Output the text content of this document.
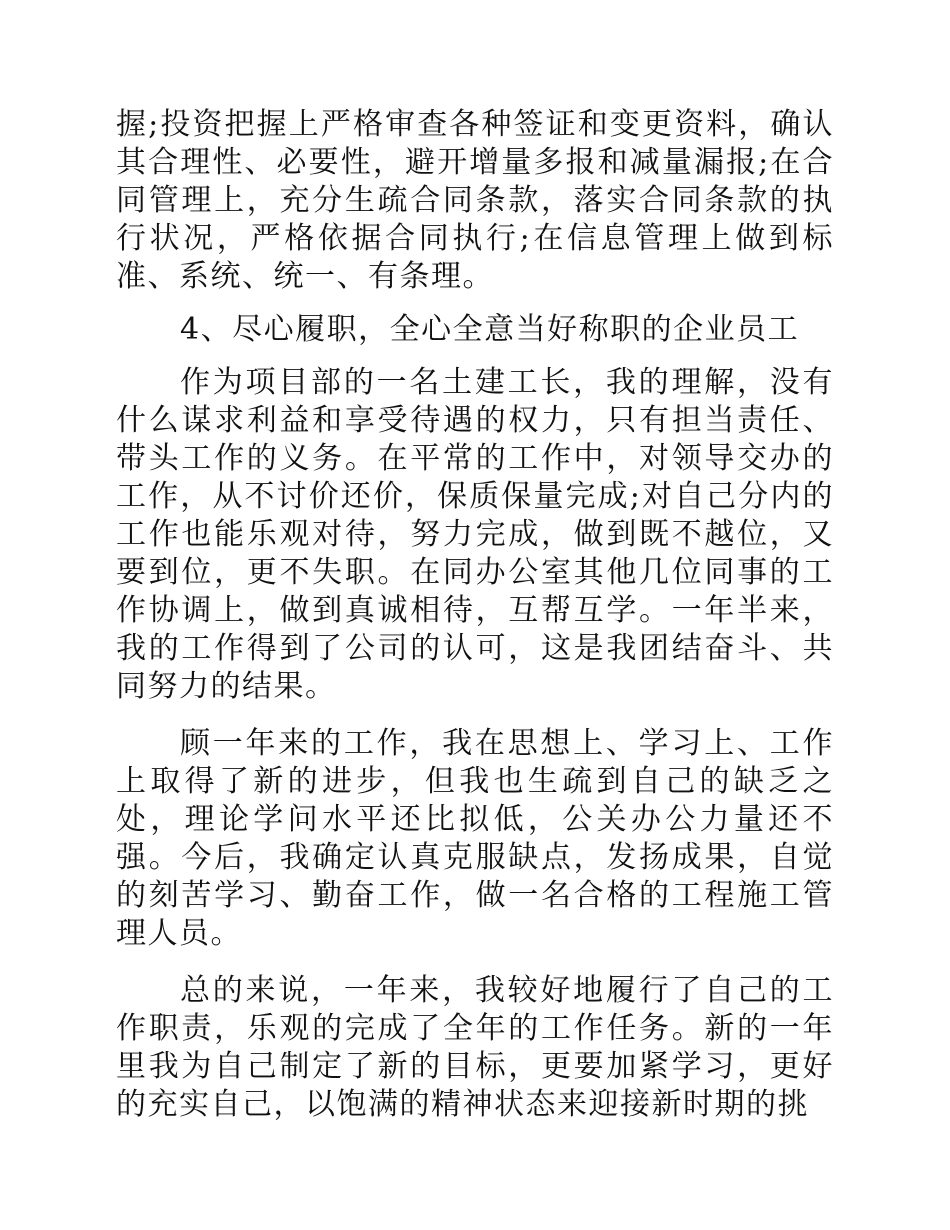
握;投资把握上严格审查各种签证和变更资料，确认其合理性、必要性，避开增量多报和减量漏报;在合同管理上，充分生疏合同条款，落实合同条款的执行状况，严格依据合同执行;在信息管理上做到标准、系统、统一、有条理。

4、尽心履职，全心全意当好称职的企业员工

作为项目部的一名土建工长，我的理解，没有什么谋求利益和享受待遇的权力，只有担当责任、带头工作的义务。在平常的工作中，对领导交办的工作，从不讨价还价，保质保量完成;对自己分内的工作也能乐观对待，努力完成，做到既不越位，又要到位，更不失职。在同办公室其他几位同事的工作协调上，做到真诚相待，互帮互学。一年半来，我的工作得到了公司的认可，这是我团结奋斗、共同努力的结果。

顾一年来的工作，我在思想上、学习上、工作上取得了新的进步，但我也生疏到自己的缺乏之处，理论学问水平还比拟低，公关办公力量还不强。今后，我确定认真克服缺点，发扬成果，自觉的刻苦学习、勤奋工作，做一名合格的工程施工管理人员。

总的来说，一年来，我较好地履行了自己的工作职责，乐观的完成了全年的工作任务。新的一年里我为自己制定了新的目标，更要加紧学习，更好的充实自己，以饱满的精神状态来迎接新时期的挑
